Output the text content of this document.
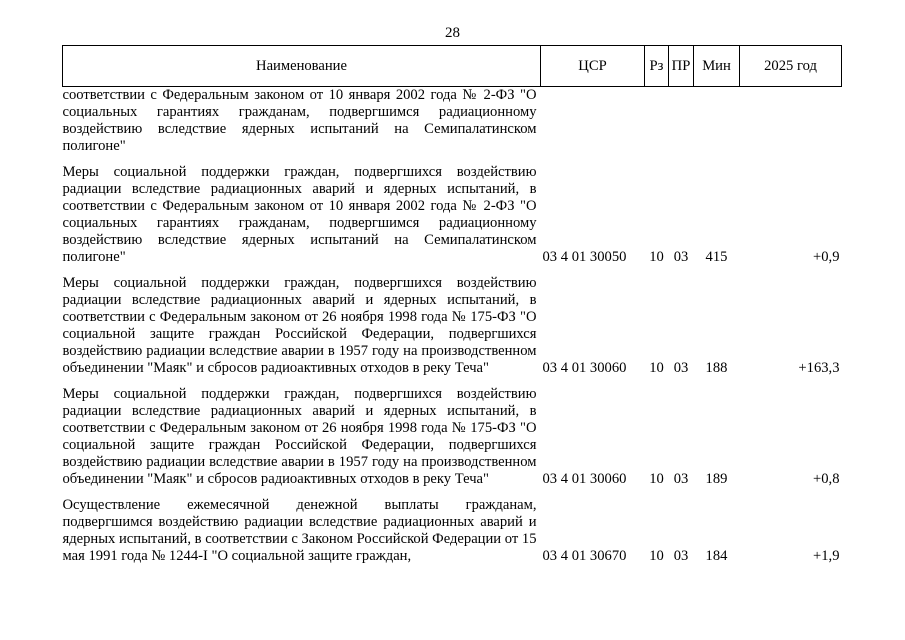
28
Наименование	ЦСР	Рз	ПР	Мин	2025 год
соответствии с Федеральным законом от 10 января 2002 года № 2-ФЗ "О социальных гарантиях гражданам, подвергшимся радиационному воздействию вследствие ядерных испытаний на Семипалатинском полигоне"					

Меры социальной поддержки граждан, подвергшихся воздействию радиации вследствие радиационных аварий и ядерных испытаний, в соответствии с Федеральным законом от 10 января 2002 года № 2-ФЗ "О социальных гарантиях гражданам, подвергшимся радиационному воздействию вследствие ядерных испытаний на Семипалатинском полигоне"	03 4 01 30050	10	03	415	+0,9

Меры социальной поддержки граждан, подвергшихся воздействию радиации вследствие радиационных аварий и ядерных испытаний, в соответствии с Федеральным законом от 26 ноября 1998 года № 175-ФЗ "О социальной защите граждан Российской Федерации, подвергшихся воздействию радиации вследствие аварии в 1957 году на производственном объединении "Маяк" и сбросов радиоактивных отходов в реку Теча"	03 4 01 30060	10	03	188	+163,3

Меры социальной поддержки граждан, подвергшихся воздействию радиации вследствие радиационных аварий и ядерных испытаний, в соответствии с Федеральным законом от 26 ноября 1998 года № 175-ФЗ "О социальной защите граждан Российской Федерации, подвергшихся воздействию радиации вследствие аварии в 1957 году на производственном объединении "Маяк" и сбросов радиоактивных отходов в реку Теча"	03 4 01 30060	10	03	189	+0,8

Осуществление ежемесячной денежной выплаты гражданам, подвергшимся воздействию радиации вследствие радиационных аварий и ядерных испытаний, в соответствии с Законом Российской Федерации от 15 мая 1991 года № 1244-I "О социальной защите граждан,	03 4 01 30670	10	03	184	+1,9
